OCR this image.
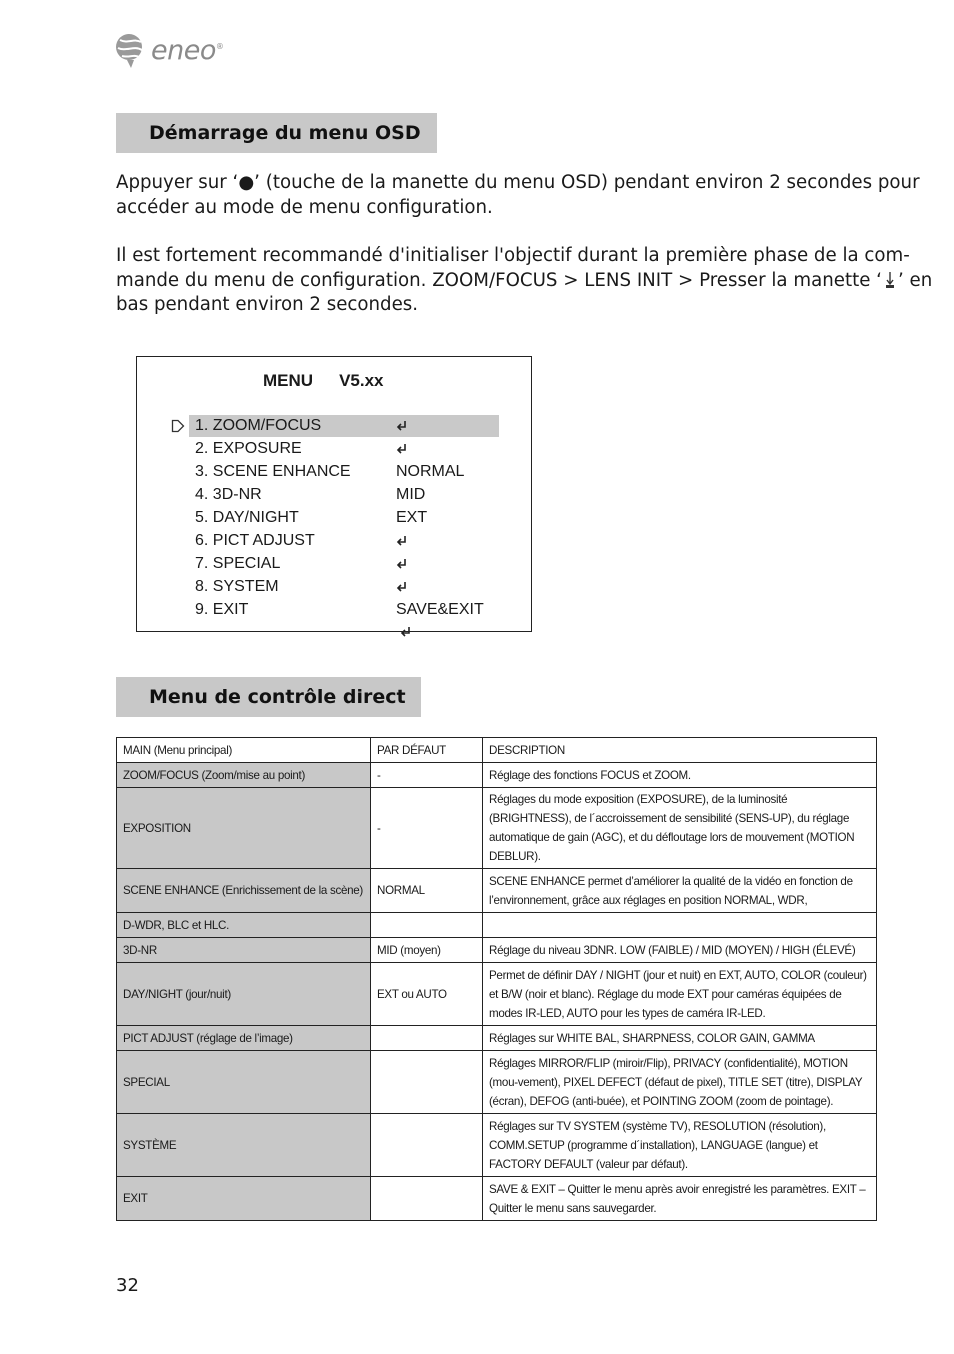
eneo®
Démarrage du menu OSD
Appuyer sur ‘●’ (touche de la manette du menu OSD) pendant environ 2 secondes pour
accéder au mode de menu configuration.
Il est fortement recommandé d'initialiser l'objectif durant la première phase de la com-
mande du menu de configuration. ZOOM/FOCUS > LENS INIT > Presser la manette ‘ ’ en
bas pendant environ 2 secondes.
MENU V5.xx
1. ZOOM/FOCUS
2. EXPOSURE
3. SCENE ENHANCE	NORMAL
4. 3D-NR	MID
5. DAY/NIGHT	EXT
6. PICT ADJUST
7. SPECIAL
8. SYSTEM
9. EXIT	SAVE&EXIT
Menu de contrôle direct
MAIN (Menu principal)	PAR DÉFAUT	DESCRIPTION
ZOOM/FOCUS (Zoom/mise au point)	-	Réglage des fonctions FOCUS et ZOOM.
EXPOSITION	-	Réglages du mode exposition (EXPOSURE), de la luminosité (BRIGHTNESS), de l´accroissement de sensibilité (SENS-UP), du réglage automatique de gain (AGC), et du défloutage lors de mouvement (MOTION DEBLUR).
SCENE ENHANCE (Enrichissement de la scène)	NORMAL	SCENE ENHANCE permet d’améliorer la qualité de la vidéo en fonction de l’environnement, grâce aux réglages en position NORMAL, WDR,
D-WDR, BLC et HLC.		
3D-NR	MID (moyen)	Réglage du niveau 3DNR. LOW (FAIBLE) / MID (MOYEN) / HIGH (ÉLEVÉ)
DAY/NIGHT (jour/nuit)	EXT ou AUTO	Permet de définir DAY / NIGHT (jour et nuit) en EXT, AUTO, COLOR (couleur) et B/W (noir et blanc). Réglage du mode EXT pour caméras équipées de modes IR-LED, AUTO pour les types de caméra IR-LED.
PICT ADJUST (réglage de l’image)		Réglages sur WHITE BAL, SHARPNESS, COLOR GAIN, GAMMA
SPECIAL		Réglages MIRROR/FLIP (miroir/Flip), PRIVACY (confidentialité), MOTION (mou-vement), PIXEL DEFECT (défaut de pixel), TITLE SET (titre), DISPLAY (écran), DEFOG (anti-buée), et POINTING ZOOM (zoom de pointage).
SYSTÈME		Réglages sur TV SYSTEM (système TV), RESOLUTION (résolution), COMM.SETUP (programme d´installation), LANGUAGE (langue) et FACTORY DEFAULT (valeur par défaut).
EXIT		SAVE & EXIT – Quitter le menu après avoir enregistré les paramètres. EXIT – Quitter le menu sans sauvegarder.
32
